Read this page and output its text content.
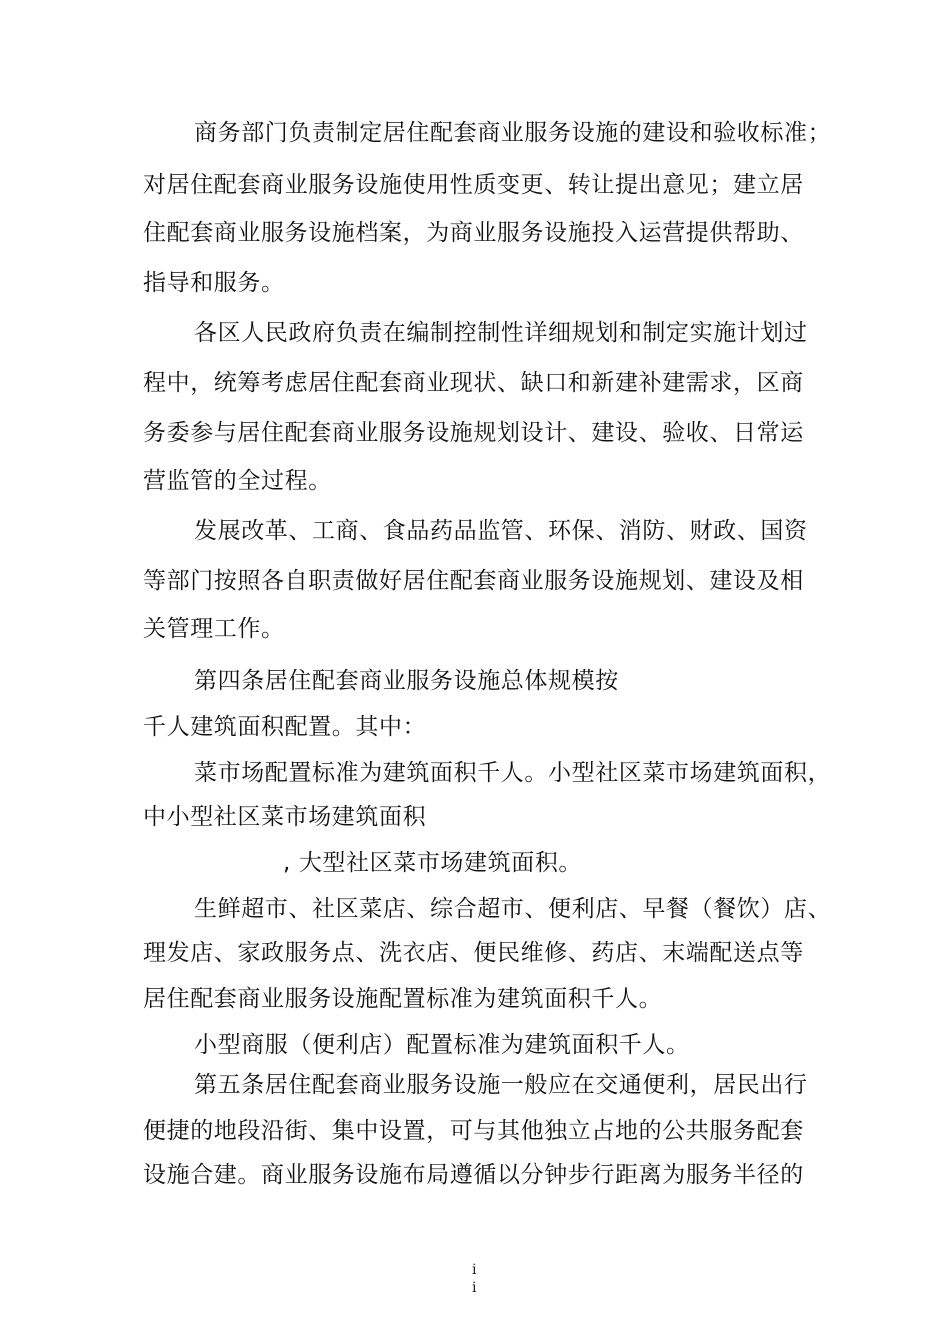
商务部门负责制定居住配套商业服务设施的建设和验收标准；
对居住配套商业服务设施使用性质变更、转让提出意见；建立居
住配套商业服务设施档案，为商业服务设施投入运营提供帮助、
指导和服务。
各区人民政府负责在编制控制性详细规划和制定实施计划过
程中，统筹考虑居住配套商业现状、缺口和新建补建需求，区商
务委参与居住配套商业服务设施规划设计、建设、验收、日常运
营监管的全过程。
发展改革、工商、食品药品监管、环保、消防、财政、国资
等部门按照各自职责做好居住配套商业服务设施规划、建设及相
关管理工作。
第四条居住配套商业服务设施总体规模按
千人建筑面积配置。其中：
菜市场配置标准为建筑面积千人。小型社区菜市场建筑面积，
中小型社区菜市场建筑面积
, 大型社区菜市场建筑面积。
生鲜超市、社区菜店、综合超市、便利店、早餐（餐饮）店、
理发店、家政服务点、洗衣店、便民维修、药店、末端配送点等
居住配套商业服务设施配置标准为建筑面积千人。
小型商服（便利店）配置标准为建筑面积千人。
第五条居住配套商业服务设施一般应在交通便利，居民出行
便捷的地段沿街、集中设置，可与其他独立占地的公共服务配套
设施合建。商业服务设施布局遵循以分钟步行距离为服务半径的
i
i
